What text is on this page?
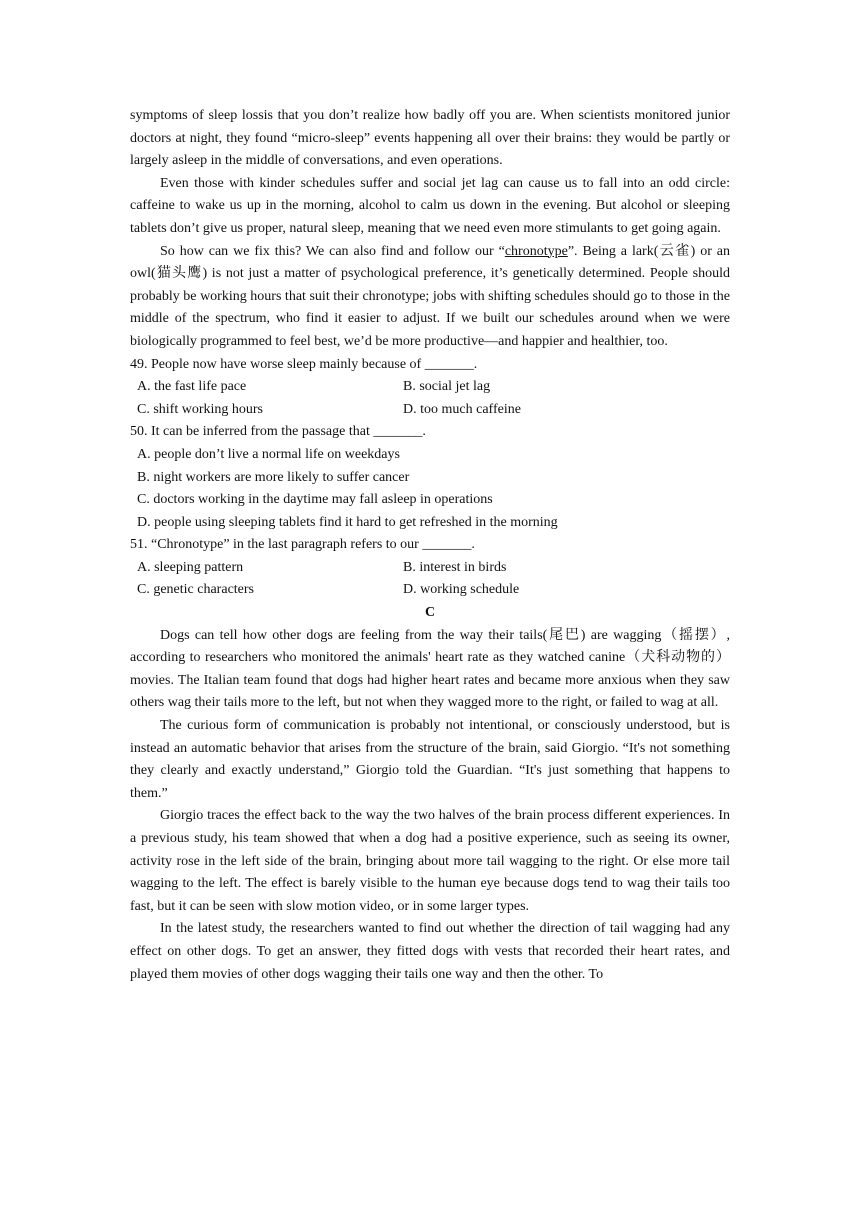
symptoms of sleep lossis that you don’t realize how badly off you are. When scientists monitored junior doctors at night, they found “micro-sleep” events happening all over their brains: they would be partly or largely asleep in the middle of conversations, and even operations.

Even those with kinder schedules suffer and social jet lag can cause us to fall into an odd circle: caffeine to wake us up in the morning, alcohol to calm us down in the evening. But alcohol or sleeping tablets don’t give us proper, natural sleep, meaning that we need even more stimulants to get going again.

So how can we fix this? We can also find and follow our “chronotype”. Being a lark(云雀) or an owl(猫头鹰) is not just a matter of psychological preference, it’s genetically determined. People should probably be working hours that suit their chronotype; jobs with shifting schedules should go to those in the middle of the spectrum, who find it easier to adjust. If we built our schedules around when we were biologically programmed to feel best, we’d be more productive—and happier and healthier, too.

49. People now have worse sleep mainly because of _______.

A. the fast life pace	B. social jet lag

C. shift working hours	D. too much caffeine

50. It can be inferred from the passage that _______.

A. people don’t live a normal life on weekdays

B. night workers are more likely to suffer cancer

C. doctors working in the daytime may fall asleep in operations

D. people using sleeping tablets find it hard to get refreshed in the morning

51. “Chronotype” in the last paragraph refers to our _______.

A. sleeping pattern	B. interest in birds

C. genetic characters	D. working schedule

C

Dogs can tell how other dogs are feeling from the way their tails(尾巴) are wagging（摇摆）, according to researchers who monitored the animals' heart rate as they watched canine（犬科动物的）movies. The Italian team found that dogs had higher heart rates and became more anxious when they saw others wag their tails more to the left, but not when they wagged more to the right, or failed to wag at all.

The curious form of communication is probably not intentional, or consciously understood, but is instead an automatic behavior that arises from the structure of the brain, said Giorgio. “It's not something they clearly and exactly understand,” Giorgio told the Guardian. “It's just something that happens to them.”

Giorgio traces the effect back to the way the two halves of the brain process different experiences. In a previous study, his team showed that when a dog had a positive experience, such as seeing its owner, activity rose in the left side of the brain, bringing about more tail wagging to the right. Or else more tail wagging to the left. The effect is barely visible to the human eye because dogs tend to wag their tails too fast, but it can be seen with slow motion video, or in some larger types.

In the latest study, the researchers wanted to find out whether the direction of tail wagging had any effect on other dogs. To get an answer, they fitted dogs with vests that recorded their heart rates, and played them movies of other dogs wagging their tails one way and then the other. To
